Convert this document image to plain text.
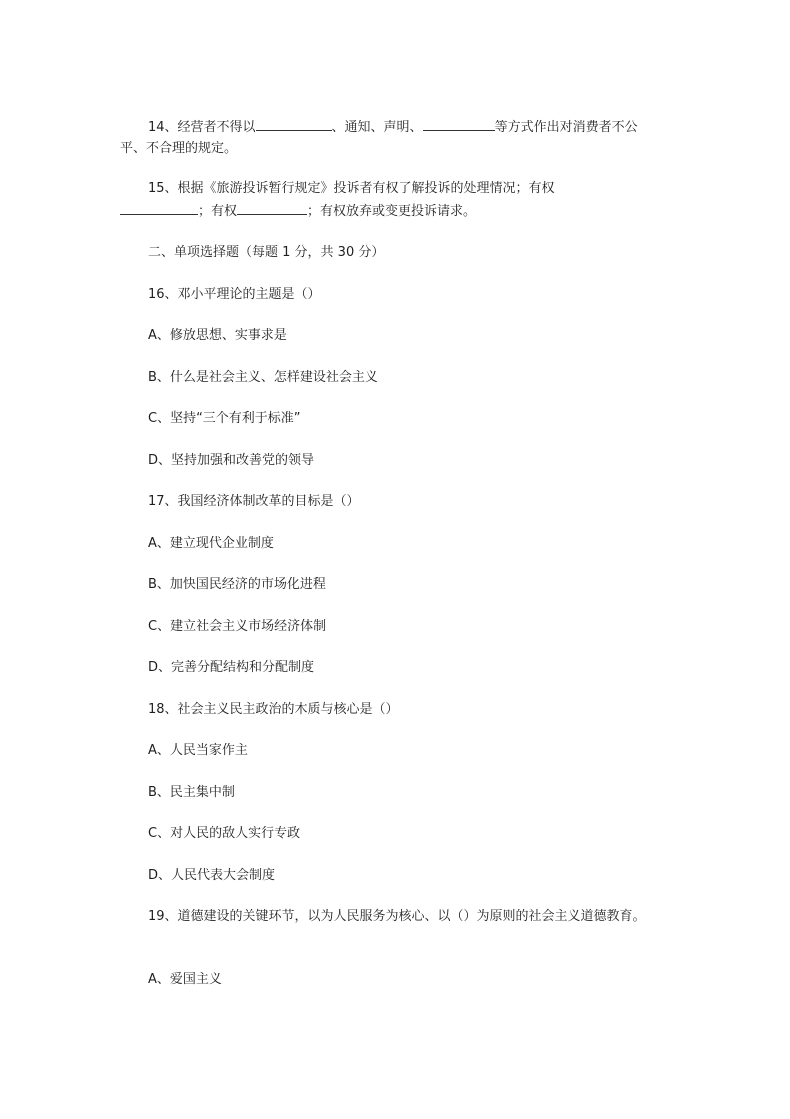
14、经营者不得以	、通知、声明、	等方式作出对消费者不公
平、不合理的规定。
15、根据《旅游投诉暂行规定》投诉者有权了解投诉的处理情况；有权
；有权	；有权放弃或变更投诉请求。
二、单项选择题（每题 1 分，共 30 分）
16、邓小平理论的主题是（）
A、修放思想、实事求是
B、什么是社会主义、怎样建设社会主义
C、坚持“三个有利于标准”
D、坚持加强和改善党的领导
17、我国经济体制改革的目标是（）
A、建立现代企业制度
B、加快国民经济的市场化进程
C、建立社会主义市场经济体制
D、完善分配结构和分配制度
18、社会主义民主政治的木质与核心是（）
A、人民当家作主
B、民主集中制
C、对人民的敌人实行专政
D、人民代表大会制度
19、道德建设的关键环节，以为人民服务为核心、以（）为原则的社会主义道德教育。
A、爱国主义
